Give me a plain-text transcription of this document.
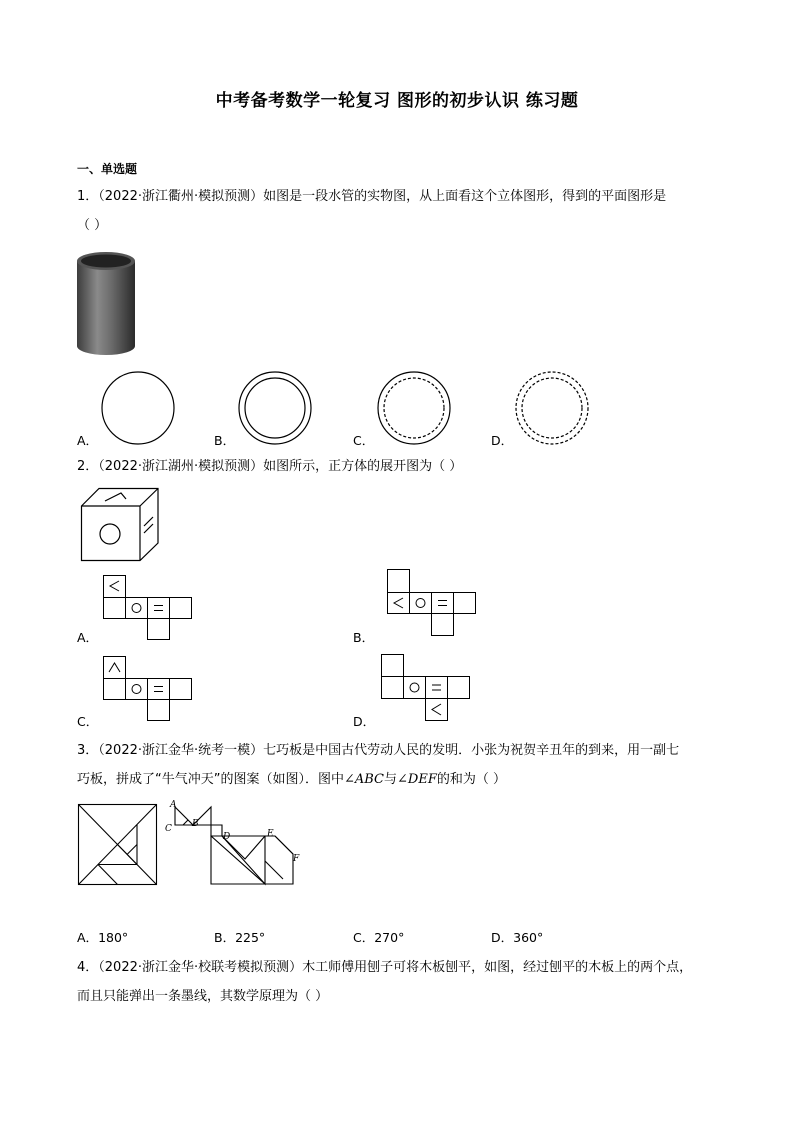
中考备考数学一轮复习 图形的初步认识 练习题
一、单选题
1．（2022·浙江衢州·模拟预测）如图是一段水管的实物图，从上面看这个立体图形，得到的平面图形是
（ ）
A．	B．	C．	D．
2．（2022·浙江湖州·模拟预测）如图所示，正方体的展开图为（ ）
A．	B．
C．	D．
3．（2022·浙江金华·统考一模）七巧板是中国古代劳动人民的发明．小张为祝贺辛丑年的到来，用一副七
巧板，拼成了“牛气冲天”的图案（如图）．图中∠ABC与∠DEF的和为（ ）
A
B
C
D	E
F
A．180°	B．225°	C．270°	D．360°
4．（2022·浙江金华·校联考模拟预测）木工师傅用刨子可将木板刨平，如图，经过刨平的木板上的两个点，
而且只能弹出一条墨线，其数学原理为（ ）
